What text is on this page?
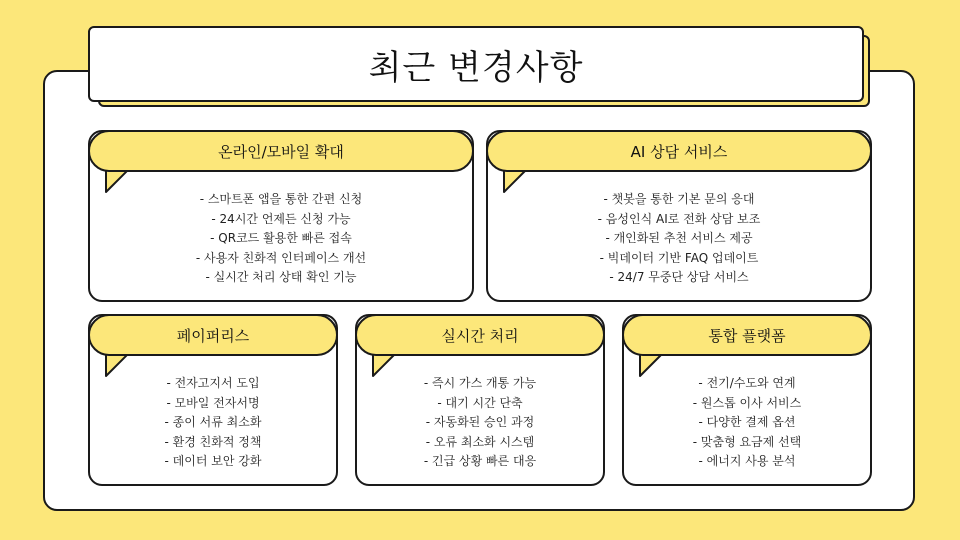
최근 변경사항
온라인/모바일 확대
- 스마트폰 앱을 통한 간편 신청
- 24시간 언제든 신청 가능
- QR코드 활용한 빠른 접속
- 사용자 친화적 인터페이스 개선
- 실시간 처리 상태 확인 기능
AI 상담 서비스
- 챗봇을 통한 기본 문의 응대
- 음성인식 AI로 전화 상담 보조
- 개인화된 추천 서비스 제공
- 빅데이터 기반 FAQ 업데이트
- 24/7 무중단 상담 서비스
페이퍼리스
- 전자고지서 도입
- 모바일 전자서명
- 종이 서류 최소화
- 환경 친화적 정책
- 데이터 보안 강화
실시간 처리
- 즉시 가스 개통 가능
- 대기 시간 단축
- 자동화된 승인 과정
- 오류 최소화 시스템
- 긴급 상황 빠른 대응
통합 플랫폼
- 전기/수도와 연계
- 원스톱 이사 서비스
- 다양한 결제 옵션
- 맞춤형 요금제 선택
- 에너지 사용 분석
